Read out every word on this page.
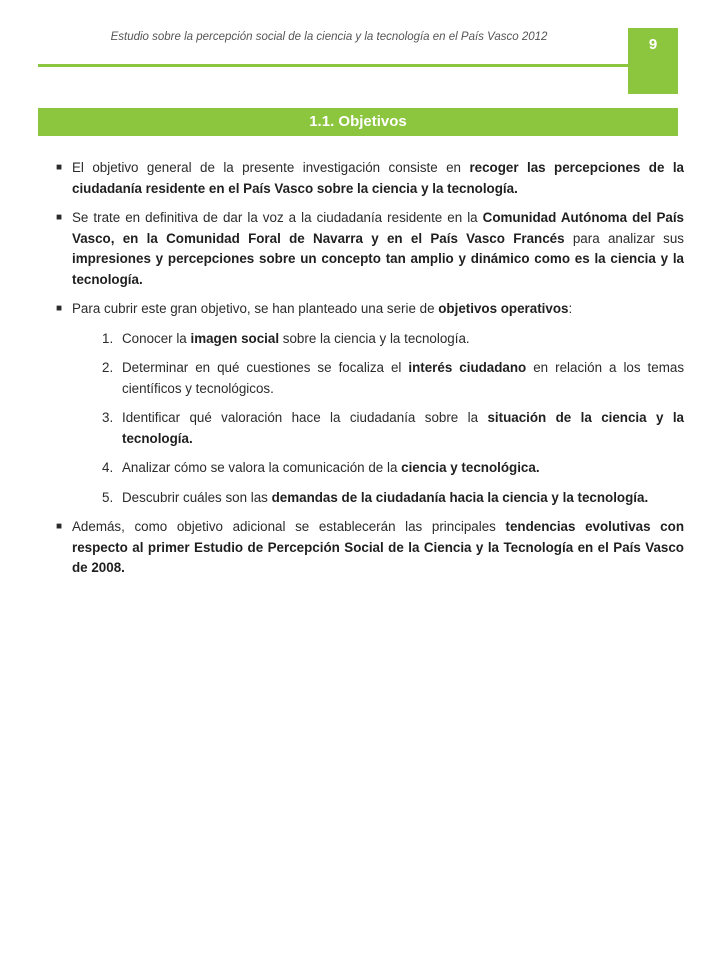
Estudio sobre la percepción social de la ciencia y la tecnología en el País Vasco 2012	9
1.1. Objetivos
■ El objetivo general de la presente investigación consiste en recoger las percepciones de la ciudadanía residente en el País Vasco sobre la ciencia y la tecnología.
■ Se trate en definitiva de dar la voz a la ciudadanía residente en la Comunidad Autónoma del País Vasco, en la Comunidad Foral de Navarra y en el País Vasco Francés para analizar sus impresiones y percepciones sobre un concepto tan amplio y dinámico como es la ciencia y la tecnología.
■ Para cubrir este gran objetivo, se han planteado una serie de objetivos operativos:
1. Conocer la imagen social sobre la ciencia y la tecnología.
2. Determinar en qué cuestiones se focaliza el interés ciudadano en relación a los temas científicos y tecnológicos.
3. Identificar qué valoración hace la ciudadanía sobre la situación de la ciencia y la tecnología.
4. Analizar cómo se valora la comunicación de la ciencia y tecnológica.
5. Descubrir cuáles son las demandas de la ciudadanía hacia la ciencia y la tecnología.
■ Además, como objetivo adicional se establecerán las principales tendencias evolutivas con respecto al primer Estudio de Percepción Social de la Ciencia y la Tecnología en el País Vasco de 2008.
